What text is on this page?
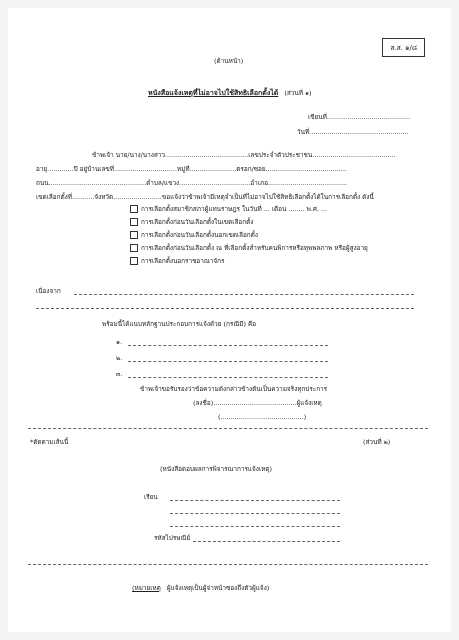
ส.ส. ๑/๘
(ด้านหน้า)
หนังสือแจ้งเหตุที่ไม่อาจไปใช้สิทธิเลือกตั้งได้ (ส่วนที่ ๑)
เขียนที่.........................................
วันที่.................................................
ข้าพเจ้า นาย/นาง/นางสาว.........................................เลขประจำตัวประชาชน.........................................
อายุ.............ปี อยู่บ้านเลขที่...............................หมู่ที่.......................ตรอก/ซอย........................................
ถนน................................................ตำบล/แขวง...................................อำเภอ.......................................
เขตเลือกตั้งที่...........จังหวัด........................ขอแจ้งว่าข้าพเจ้ามีเหตุจำเป็นที่ไม่อาจไปใช้สิทธิเลือกตั้งได้ในการเลือกตั้ง ดังนี้
การเลือกตั้งสมาชิกสภาผู้แทนราษฎร ในวันที่ ... เดือน ........ พ.ศ. ...
การเลือกตั้งก่อนวันเลือกตั้งในเขตเลือกตั้ง
การเลือกตั้งก่อนวันเลือกตั้งนอกเขตเลือกตั้ง
การเลือกตั้งก่อนวันเลือกตั้ง ณ ที่เลือกตั้งสำหรับคนพิการหรือทุพพลภาพ หรือผู้สูงอายุ
การเลือกตั้งนอกราชอาณาจักร
เนื่องจาก
พร้อมนี้ได้แนบหลักฐานประกอบการแจ้งด้วย (กรณีมี) คือ
๑.
๒.
๓.
ข้าพเจ้าขอรับรองว่าข้อความดังกล่าวข้างต้นเป็นความจริงทุกประการ
(ลงชื่อ).........................................ผู้แจ้งเหตุ
(.........................................)
*ตัดตามเส้นนี้	(ส่วนที่ ๒)
(หนังสือตอบผลการพิจารณาการแจ้งเหตุ)
เรียน
รหัสไปรษณีย์
(หมายเหตุ ผู้แจ้งเหตุเป็นผู้จ่าหน้าซองถึงตัวผู้แจ้ง)
